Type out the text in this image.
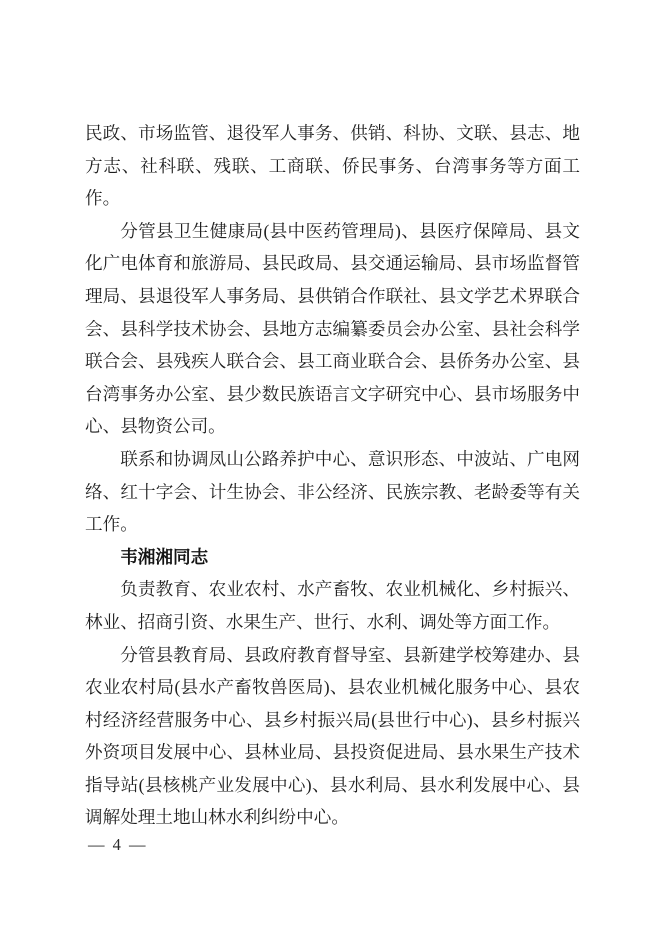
民政、市场监管、退役军人事务、供销、科协、文联、县志、地方志、社科联、残联、工商联、侨民事务、台湾事务等方面工作。

分管县卫生健康局(县中医药管理局)、县医疗保障局、县文化广电体育和旅游局、县民政局、县交通运输局、县市场监督管理局、县退役军人事务局、县供销合作联社、县文学艺术界联合会、县科学技术协会、县地方志编纂委员会办公室、县社会科学联合会、县残疾人联合会、县工商业联合会、县侨务办公室、县台湾事务办公室、县少数民族语言文字研究中心、县市场服务中心、县物资公司。

联系和协调凤山公路养护中心、意识形态、中波站、广电网络、红十字会、计生协会、非公经济、民族宗教、老龄委等有关工作。

韦湘湘同志

负责教育、农业农村、水产畜牧、农业机械化、乡村振兴、林业、招商引资、水果生产、世行、水利、调处等方面工作。

分管县教育局、县政府教育督导室、县新建学校筹建办、县农业农村局(县水产畜牧兽医局)、县农业机械化服务中心、县农村经济经营服务中心、县乡村振兴局(县世行中心)、县乡村振兴外资项目发展中心、县林业局、县投资促进局、县水果生产技术指导站(县核桃产业发展中心)、县水利局、县水利发展中心、县调解处理土地山林水利纠纷中心。

— 4 —
